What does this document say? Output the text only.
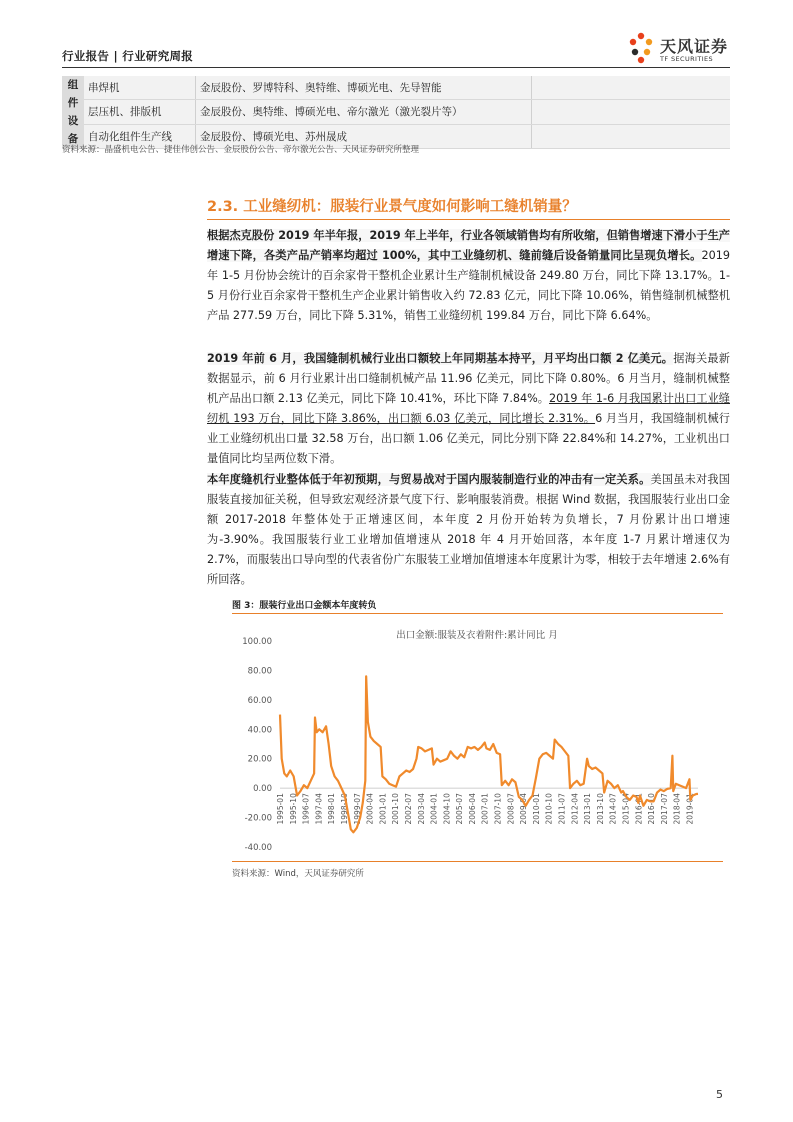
行业报告 | 行业研究周报	天风证券
TF SECURITIES
组
件
设
备	串焊机	金辰股份、罗博特科、奥特维、博硕光电、先导智能	
	层压机、排版机	金辰股份、奥特维、博硕光电、帝尔激光（激光裂片等）	
	自动化组件生产线	金辰股份、博硕光电、苏州晟成	
资料来源：晶盛机电公告、捷佳伟创公告、金辰股份公告、帝尔激光公告、天风证券研究所整理
2.3. 工业缝纫机：服装行业景气度如何影响工缝机销量？
根据杰克股份 2019 年半年报，2019 年上半年，行业各领域销售均有所收缩，但销售增速下滑小于生产增速下降，各类产品产销率均超过 100%，其中工业缝纫机、缝前缝后设备销量同比呈现负增长。2019 年 1-5 月份协会统计的百余家骨干整机企业累计生产缝制机械设备 249.80 万台，同比下降 13.17%。1-5 月份行业百余家骨干整机生产企业累计销售收入约 72.83 亿元，同比下降 10.06%，销售缝制机械整机产品 277.59 万台，同比下降 5.31%，销售工业缝纫机 199.84 万台，同比下降 6.64%。
2019 年前 6 月，我国缝制机械行业出口额较上年同期基本持平，月平均出口额 2 亿美元。据海关最新数据显示，前 6 月行业累计出口缝制机械产品 11.96 亿美元，同比下降 0.80%。6 月当月，缝制机械整机产品出口额 2.13 亿美元，同比下降 10.41%，环比下降 7.84%。2019 年 1-6 月我国累计出口工业缝纫机 193 万台，同比下降 3.86%，出口额 6.03 亿美元，同比增长 2.31%。6 月当月，我国缝制机械行业工业缝纫机出口量 32.58 万台，出口额 1.06 亿美元，同比分别下降 22.84%和 14.27%，工业机出口量值同比均呈两位数下滑。
本年度缝机行业整体低于年初预期，与贸易战对于国内服装制造行业的冲击有一定关系。美国虽未对我国服装直接加征关税，但导致宏观经济景气度下行、影响服装消费。根据 Wind 数据，我国服装行业出口金额 2017-2018 年整体处于正增速区间，本年度 2 月份开始转为负增长，7 月份累计出口增速为-3.90%。我国服装行业工业增加值增速从 2018 年 4 月开始回落，本年度 1-7 月累计增速仅为 2.7%，而服装出口导向型的代表省份广东服装工业增加值增速本年度累计为零，相较于去年增速 2.6%有所回落。
图 3：服装行业出口金额本年度转负
出口金额:服装及衣着附件:累计同比 月
100.00
80.00
60.00
40.00
20.00
0.00
-20.00
-40.00
1995-01 1995-10 1996-07 1997-04 1998-01 1998-10 1999-07 2000-04 2001-01 2001-10 2002-07 2003-04 2004-01 2004-10 2005-07 2006-04 2007-01 2007-10 2008-07 2009-04 2010-01 2010-10 2011-07 2012-04 2013-01 2013-10 2014-07 2015-04 2016-01 2016-10 2017-07 2018-04 2019-01
资料来源：Wind，天风证券研究所
5
